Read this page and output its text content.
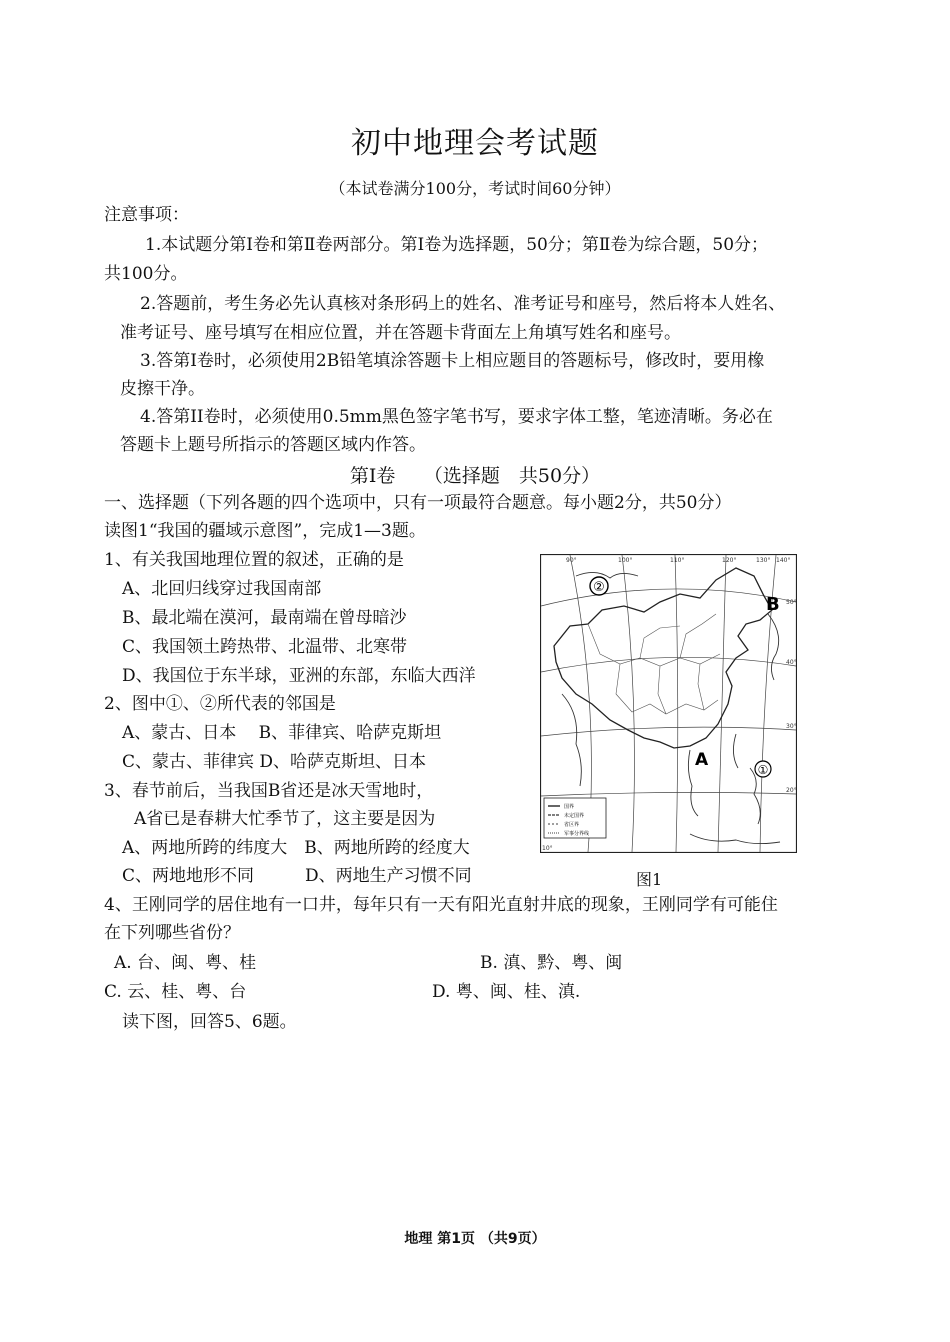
初中地理会考试题
（本试卷满分100分，考试时间60分钟）
注意事项：
1.本试题分第Ⅰ卷和第Ⅱ卷两部分。第Ⅰ卷为选择题，50分；第Ⅱ卷为综合题，50分；
共100分。
2.答题前，考生务必先认真核对条形码上的姓名、准考证号和座号，然后将本人姓名、
准考证号、座号填写在相应位置，并在答题卡背面左上角填写姓名和座号。
3.答第Ⅰ卷时，必须使用2B铅笔填涂答题卡上相应题目的答题标号，修改时，要用橡
皮擦干净。
4.答第II卷时，必须使用0.5mm黑色签字笔书写，要求字体工整，笔迹清晰。务必在
答题卡上题号所指示的答题区域内作答。
第Ⅰ卷　　（选择题　共50分）
一、选择题（下列各题的四个选项中，只有一项最符合题意。每小题2分，共50分）
读图1“我国的疆域示意图”，完成1—3题。
1、有关我国地理位置的叙述，正确的是
A、北回归线穿过我国南部
B、最北端在漠河，最南端在曾母暗沙
C、我国领土跨热带、北温带、北寒带
D、我国位于东半球，亚洲的东部，东临大西洋
2、图中①、②所代表的邻国是
A、蒙古、日本　 B、菲律宾、哈萨克斯坦
C、蒙古、菲律宾 D、哈萨克斯坦、日本
3、春节前后，当我国B省还是冰天雪地时，
A省已是春耕大忙季节了，这主要是因为
A、两地所跨的纬度大　B、两地所跨的经度大
C、两地地形不同　　　D、两地生产习惯不同
4、王刚同学的居住地有一口井，每年只有一天有阳光直射井底的现象，王刚同学有可能住
在下列哪些省份？
A. 台、闽、粤、桂	B. 滇、黔、粤、闽
C. 云、桂、粤、台	D. 粤、闽、桂、滇.
读下图，回答5、6题。
国界
未定国界
省区界
军事分界线
90°	100°	110°	120°	130° 140°
50°
40°
30°
20°
10°
②
①
B
A
图1
地理 第1页 （共9页）
